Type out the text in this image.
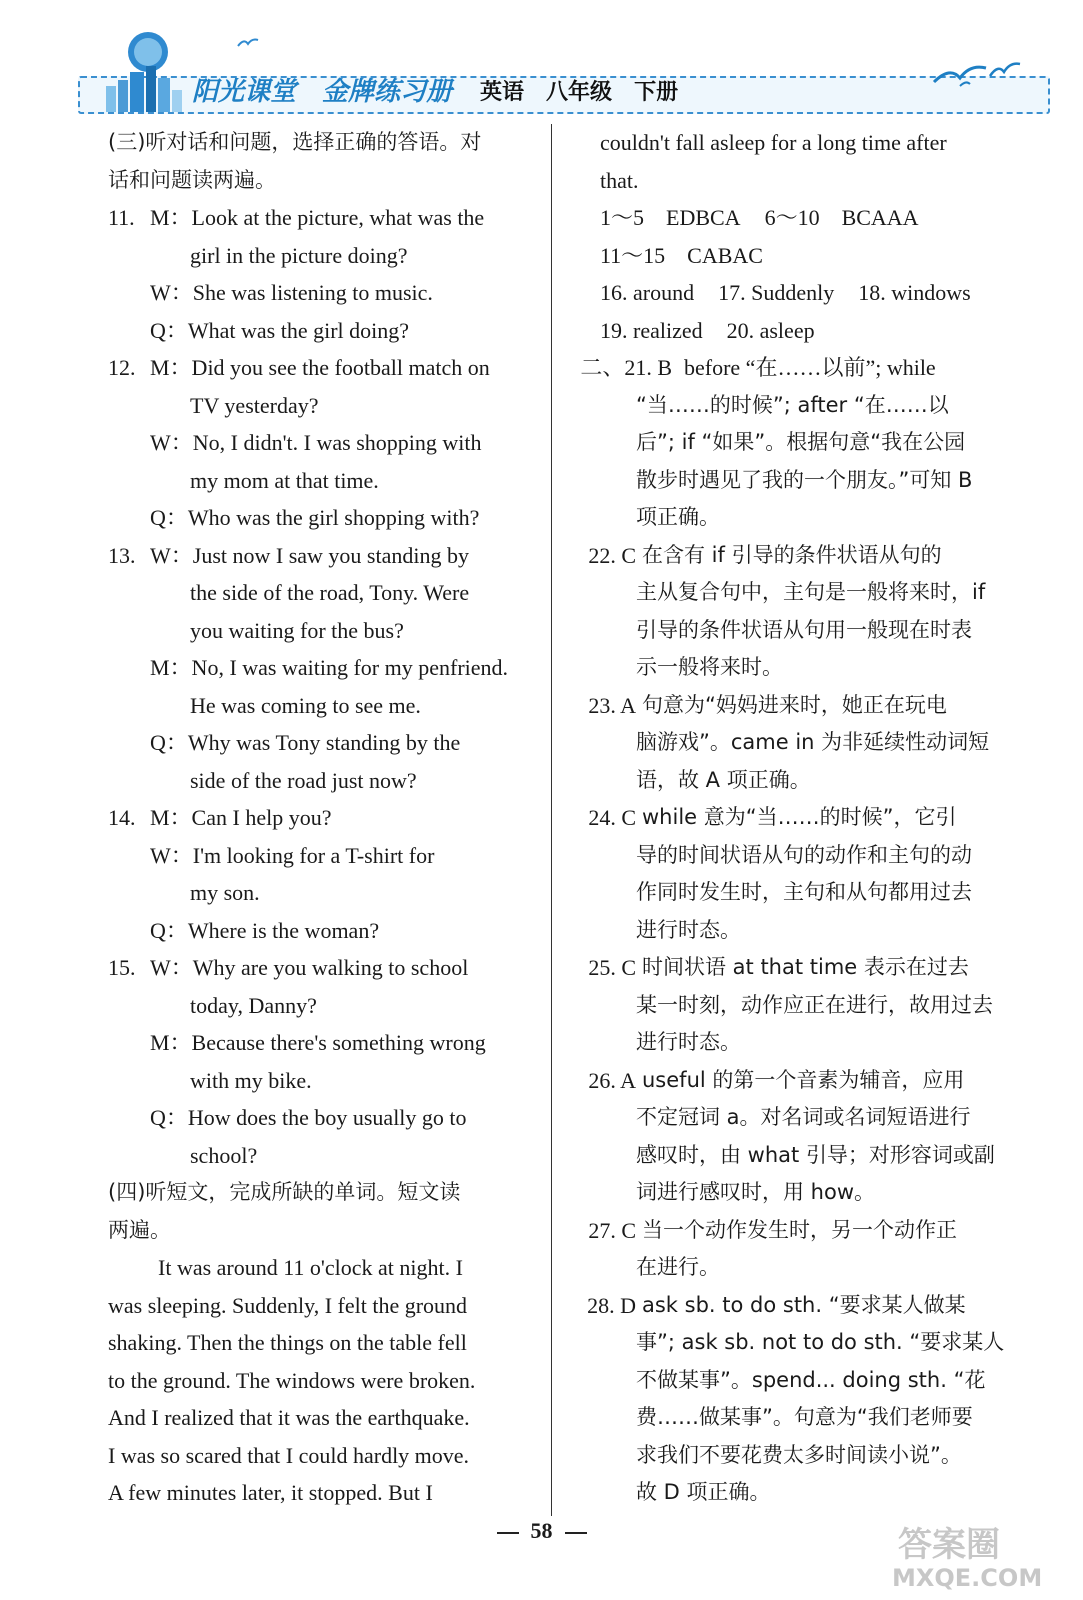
阳光课堂 金牌练习册 英语 八年级 下册
(三)听对话和问题，选择正确的答语。对
话和问题读两遍。
11. M：Look at the picture, what was the
girl in the picture doing?
W：She was listening to music.
Q：What was the girl doing?
12. M：Did you see the football match on
TV yesterday?
W：No, I didn't. I was shopping with
my mom at that time.
Q：Who was the girl shopping with?
13. W：Just now I saw you standing by
the side of the road, Tony. Were
you waiting for the bus?
M：No, I was waiting for my penfriend.
He was coming to see me.
Q：Why was Tony standing by the
side of the road just now?
14. M：Can I help you?
W：I'm looking for a T-shirt for
my son.
Q：Where is the woman?
15. W：Why are you walking to school
today, Danny?
M：Because there's something wrong
with my bike.
Q：How does the boy usually go to
school?
(四)听短文，完成所缺的单词。短文读
两遍。
It was around 11 o'clock at night. I
was sleeping. Suddenly, I felt the ground
shaking. Then the things on the table fell
to the ground. The windows were broken.
And I realized that it was the earthquake.
I was so scared that I could hardly move.
A few minutes later, it stopped. But I
couldn't fall asleep for a long time after
that.
1～5　EDBCA 6～10　BCAAA
11～15　CABAC
16. around 17. Suddenly 18. windows
19. realized 20. asleep
二、21. B before “在……以前”; while
“当……的时候”; after “在……以
后”; if “如果”。根据句意“我在公园
散步时遇见了我的一个朋友。”可知 B
项正确。
22. C 在含有 if 引导的条件状语从句的
主从复合句中，主句是一般将来时，if
引导的条件状语从句用一般现在时表
示一般将来时。
23. A 句意为“妈妈进来时，她正在玩电
脑游戏”。came in 为非延续性动词短
语，故 A 项正确。
24. C while 意为“当……的时候”，它引
导的时间状语从句的动作和主句的动
作同时发生时，主句和从句都用过去
进行时态。
25. C 时间状语 at that time 表示在过去
某一时刻，动作应正在进行，故用过去
进行时态。
26. A useful 的第一个音素为辅音，应用
不定冠词 a。对名词或名词短语进行
感叹时，由 what 引导；对形容词或副
词进行感叹时，用 how。
27. C 当一个动作发生时，另一个动作正
在进行。
28. D ask sb. to do sth. “要求某人做某
事”; ask sb. not to do sth. “要求某人
不做某事”。spend... doing sth. “花
费……做某事”。句意为“我们老师要
求我们不要花费太多时间读小说”。
故 D 项正确。
58	答案圈
MXQE.COM
